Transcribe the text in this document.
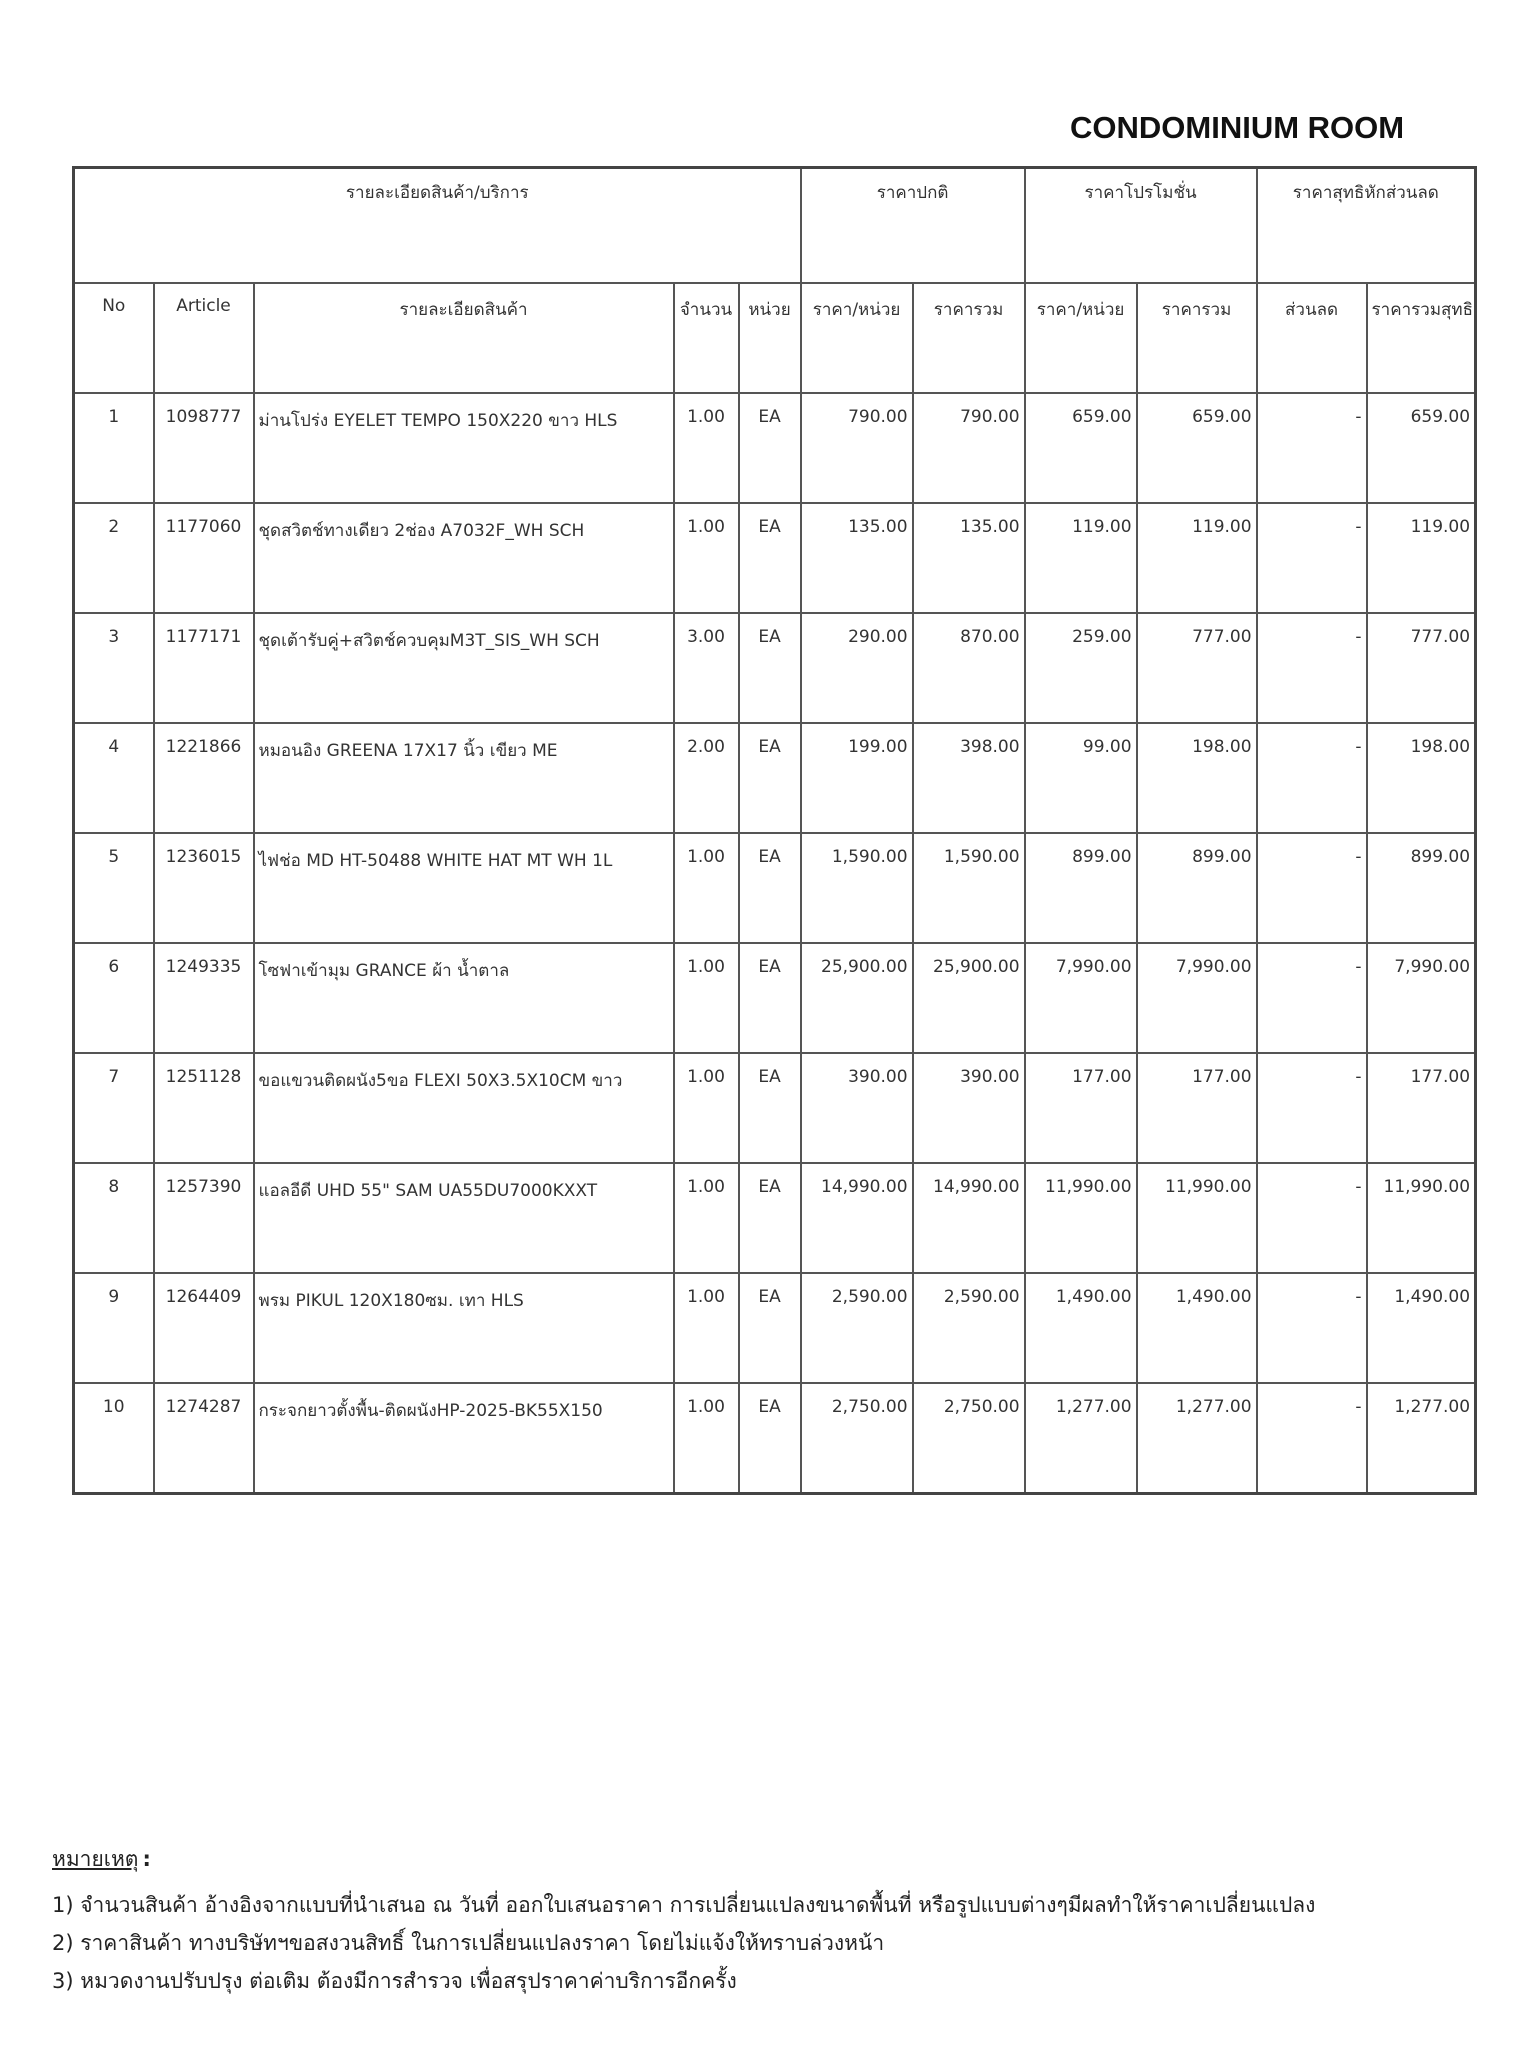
CONDOMINIUM ROOM
รายละเอียดสินค้า/บริการ					ราคาปกติ		ราคาโปรโมชั่น		ราคาสุทธิหักส่วนลด	
No	Article	รายละเอียดสินค้า	จำนวน	หน่วย	ราคา/หน่วย	ราคารวม	ราคา/หน่วย	ราคารวม	ส่วนลด	ราคารวมสุทธิ
1	1098777	ม่านโปร่ง EYELET TEMPO 150X220 ขาว HLS	1.00	EA	790.00	790.00	659.00	659.00	-	659.00
2	1177060	ชุดสวิตช์ทางเดียว 2ช่อง A7032F_WH SCH	1.00	EA	135.00	135.00	119.00	119.00	-	119.00
3	1177171	ชุดเต้ารับคู่+สวิตช์ควบคุมM3T_SIS_WH SCH	3.00	EA	290.00	870.00	259.00	777.00	-	777.00
4	1221866	หมอนอิง GREENA 17X17 นิ้ว เขียว ME	2.00	EA	199.00	398.00	99.00	198.00	-	198.00
5	1236015	ไฟช่อ MD HT-50488 WHITE HAT MT WH 1L	1.00	EA	1,590.00	1,590.00	899.00	899.00	-	899.00
6	1249335	โซฟาเข้ามุม GRANCE ผ้า น้ำตาล	1.00	EA	25,900.00	25,900.00	7,990.00	7,990.00	-	7,990.00
7	1251128	ขอแขวนติดผนัง5ขอ FLEXI 50X3.5X10CM ขาว	1.00	EA	390.00	390.00	177.00	177.00	-	177.00
8	1257390	แอลอีดี UHD 55" SAM UA55DU7000KXXT	1.00	EA	14,990.00	14,990.00	11,990.00	11,990.00	-	11,990.00
9	1264409	พรม PIKUL 120X180ซม. เทา HLS	1.00	EA	2,590.00	2,590.00	1,490.00	1,490.00	-	1,490.00
10	1274287	กระจกยาวตั้งพื้น-ติดผนังHP-2025-BK55X150	1.00	EA	2,750.00	2,750.00	1,277.00	1,277.00	-	1,277.00
หมายเหตุ :
1) จำนวนสินค้า อ้างอิงจากแบบที่นำเสนอ ณ วันที่ ออกใบเสนอราคา การเปลี่ยนแปลงขนาดพื้นที่ หรือรูปแบบต่างๆมีผลทำให้ราคาเปลี่ยนแปลง
2) ราคาสินค้า ทางบริษัทฯขอสงวนสิทธิ์ ในการเปลี่ยนแปลงราคา โดยไม่แจ้งให้ทราบล่วงหน้า
3) หมวดงานปรับปรุง ต่อเติม ต้องมีการสำรวจ เพื่อสรุปราคาค่าบริการอีกครั้ง
